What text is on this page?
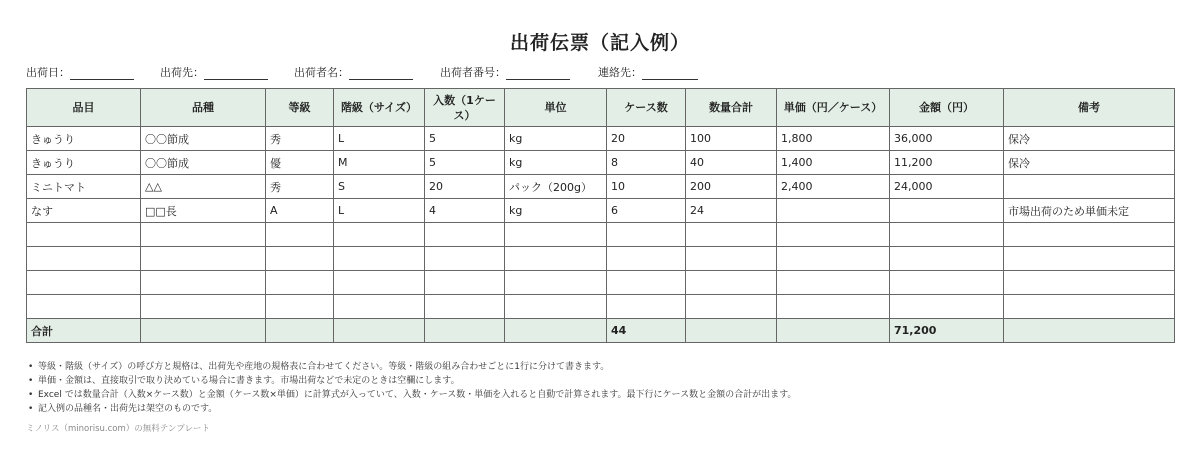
出荷伝票（記入例）
出荷日：	出荷先：	出荷者名：	出荷者番号：	連絡先：
品目	品種	等級	階級（サイズ）	入数（1ケース）	単位	ケース数	数量合計	単価（円／ケース）	金額（円）	備考
きゅうり	〇〇節成	秀	L	5	kg	20	100	1,800	36,000	保冷
きゅうり	〇〇節成	優	M	5	kg	8	40	1,400	11,200	保冷
ミニトマト	△△	秀	S	20	パック（200g）	10	200	2,400	24,000	
なす	□□長	A	L	4	kg	6	24			市場出荷のため単価未定

合計						44			71,200	
• 等級・階級（サイズ）の呼び方と規格は、出荷先や産地の規格表に合わせてください。等級・階級の組み合わせごとに1行に分けて書きます。
• 単価・金額は、直接取引で取り決めている場合に書きます。市場出荷などで未定のときは空欄にします。
• Excel では数量合計（入数×ケース数）と金額（ケース数×単価）に計算式が入っていて、入数・ケース数・単価を入れると自動で計算されます。最下行にケース数と金額の合計が出ます。
• 記入例の品種名・出荷先は架空のものです。
ミノリス（minorisu.com）の無料テンプレート
